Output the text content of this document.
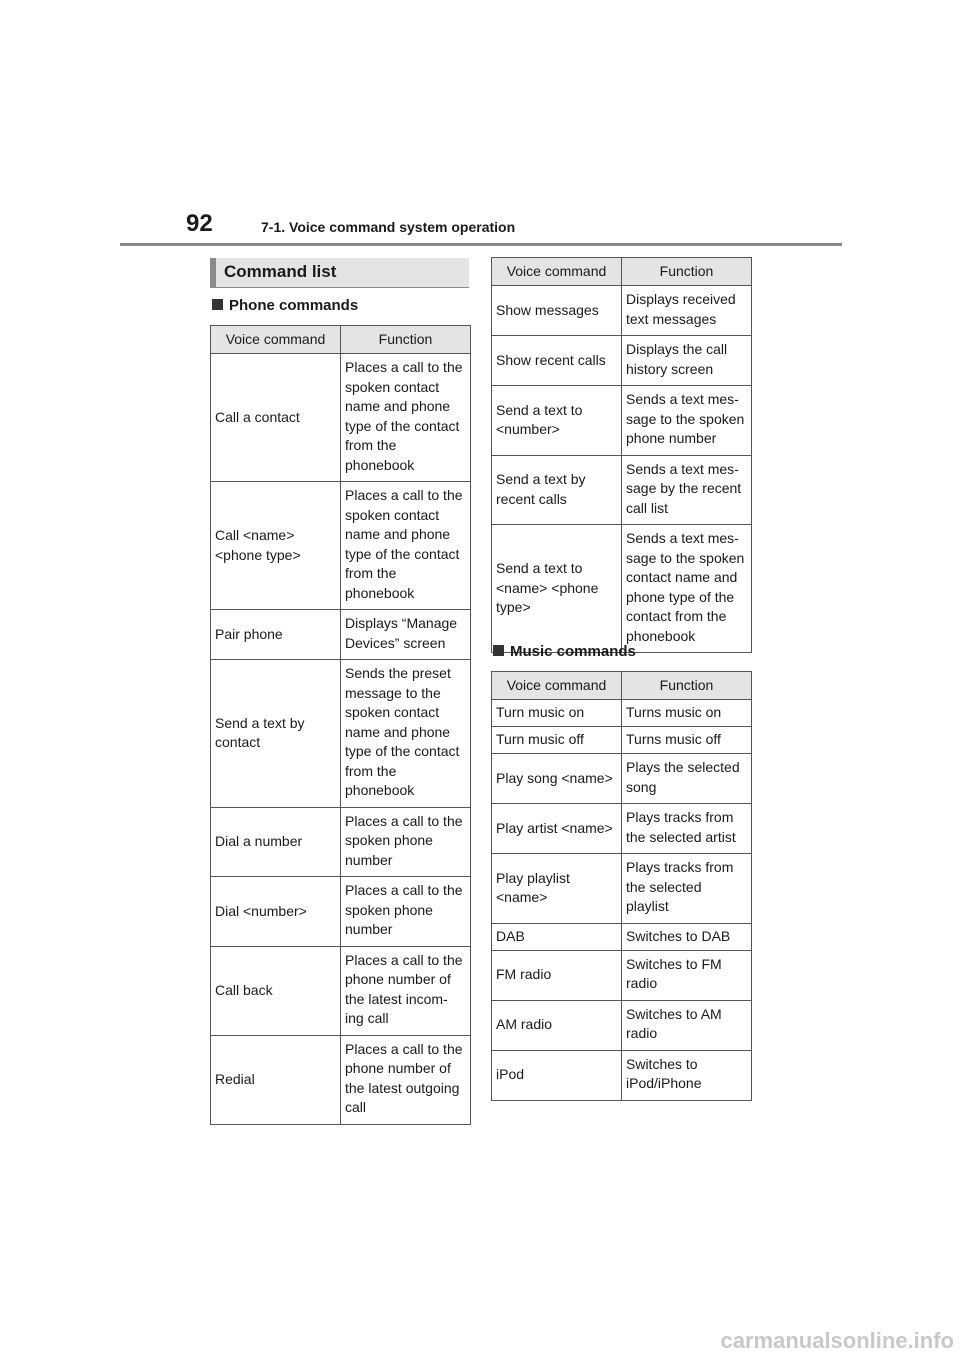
92	7-1. Voice command system operation
Command list
Phone commands
Voice command	Function
Call a contact	Places a call to the spoken contact name and phone type of the contact from the phonebook
Call <name> <phone type>	Places a call to the spoken contact name and phone type of the contact from the phonebook
Pair phone	Displays “Manage Devices” screen
Send a text by contact	Sends the preset message to the spoken contact name and phone type of the contact from the phonebook
Dial a number	Places a call to the spoken phone number
Dial <number>	Places a call to the spoken phone number
Call back	Places a call to the phone number of the latest incom-ing call
Redial	Places a call to the phone number of the latest outgoing call
Voice command	Function
Show messages	Displays received text messages
Show recent calls	Displays the call history screen
Send a text to <number>	Sends a text mes-sage to the spoken phone number
Send a text by recent calls	Sends a text mes-sage by the recent call list
Send a text to <name> <phone type>	Sends a text mes-sage to the spoken contact name and phone type of the contact from the phonebook
Music commands
Voice command	Function
Turn music on	Turns music on
Turn music off	Turns music off
Play song <name>	Plays the selected song
Play artist <name>	Plays tracks from the selected artist
Play playlist <name>	Plays tracks from the selected playlist
DAB	Switches to DAB
FM radio	Switches to FM radio
AM radio	Switches to AM radio
iPod	Switches to iPod/iPhone
carmanualsonline.info
